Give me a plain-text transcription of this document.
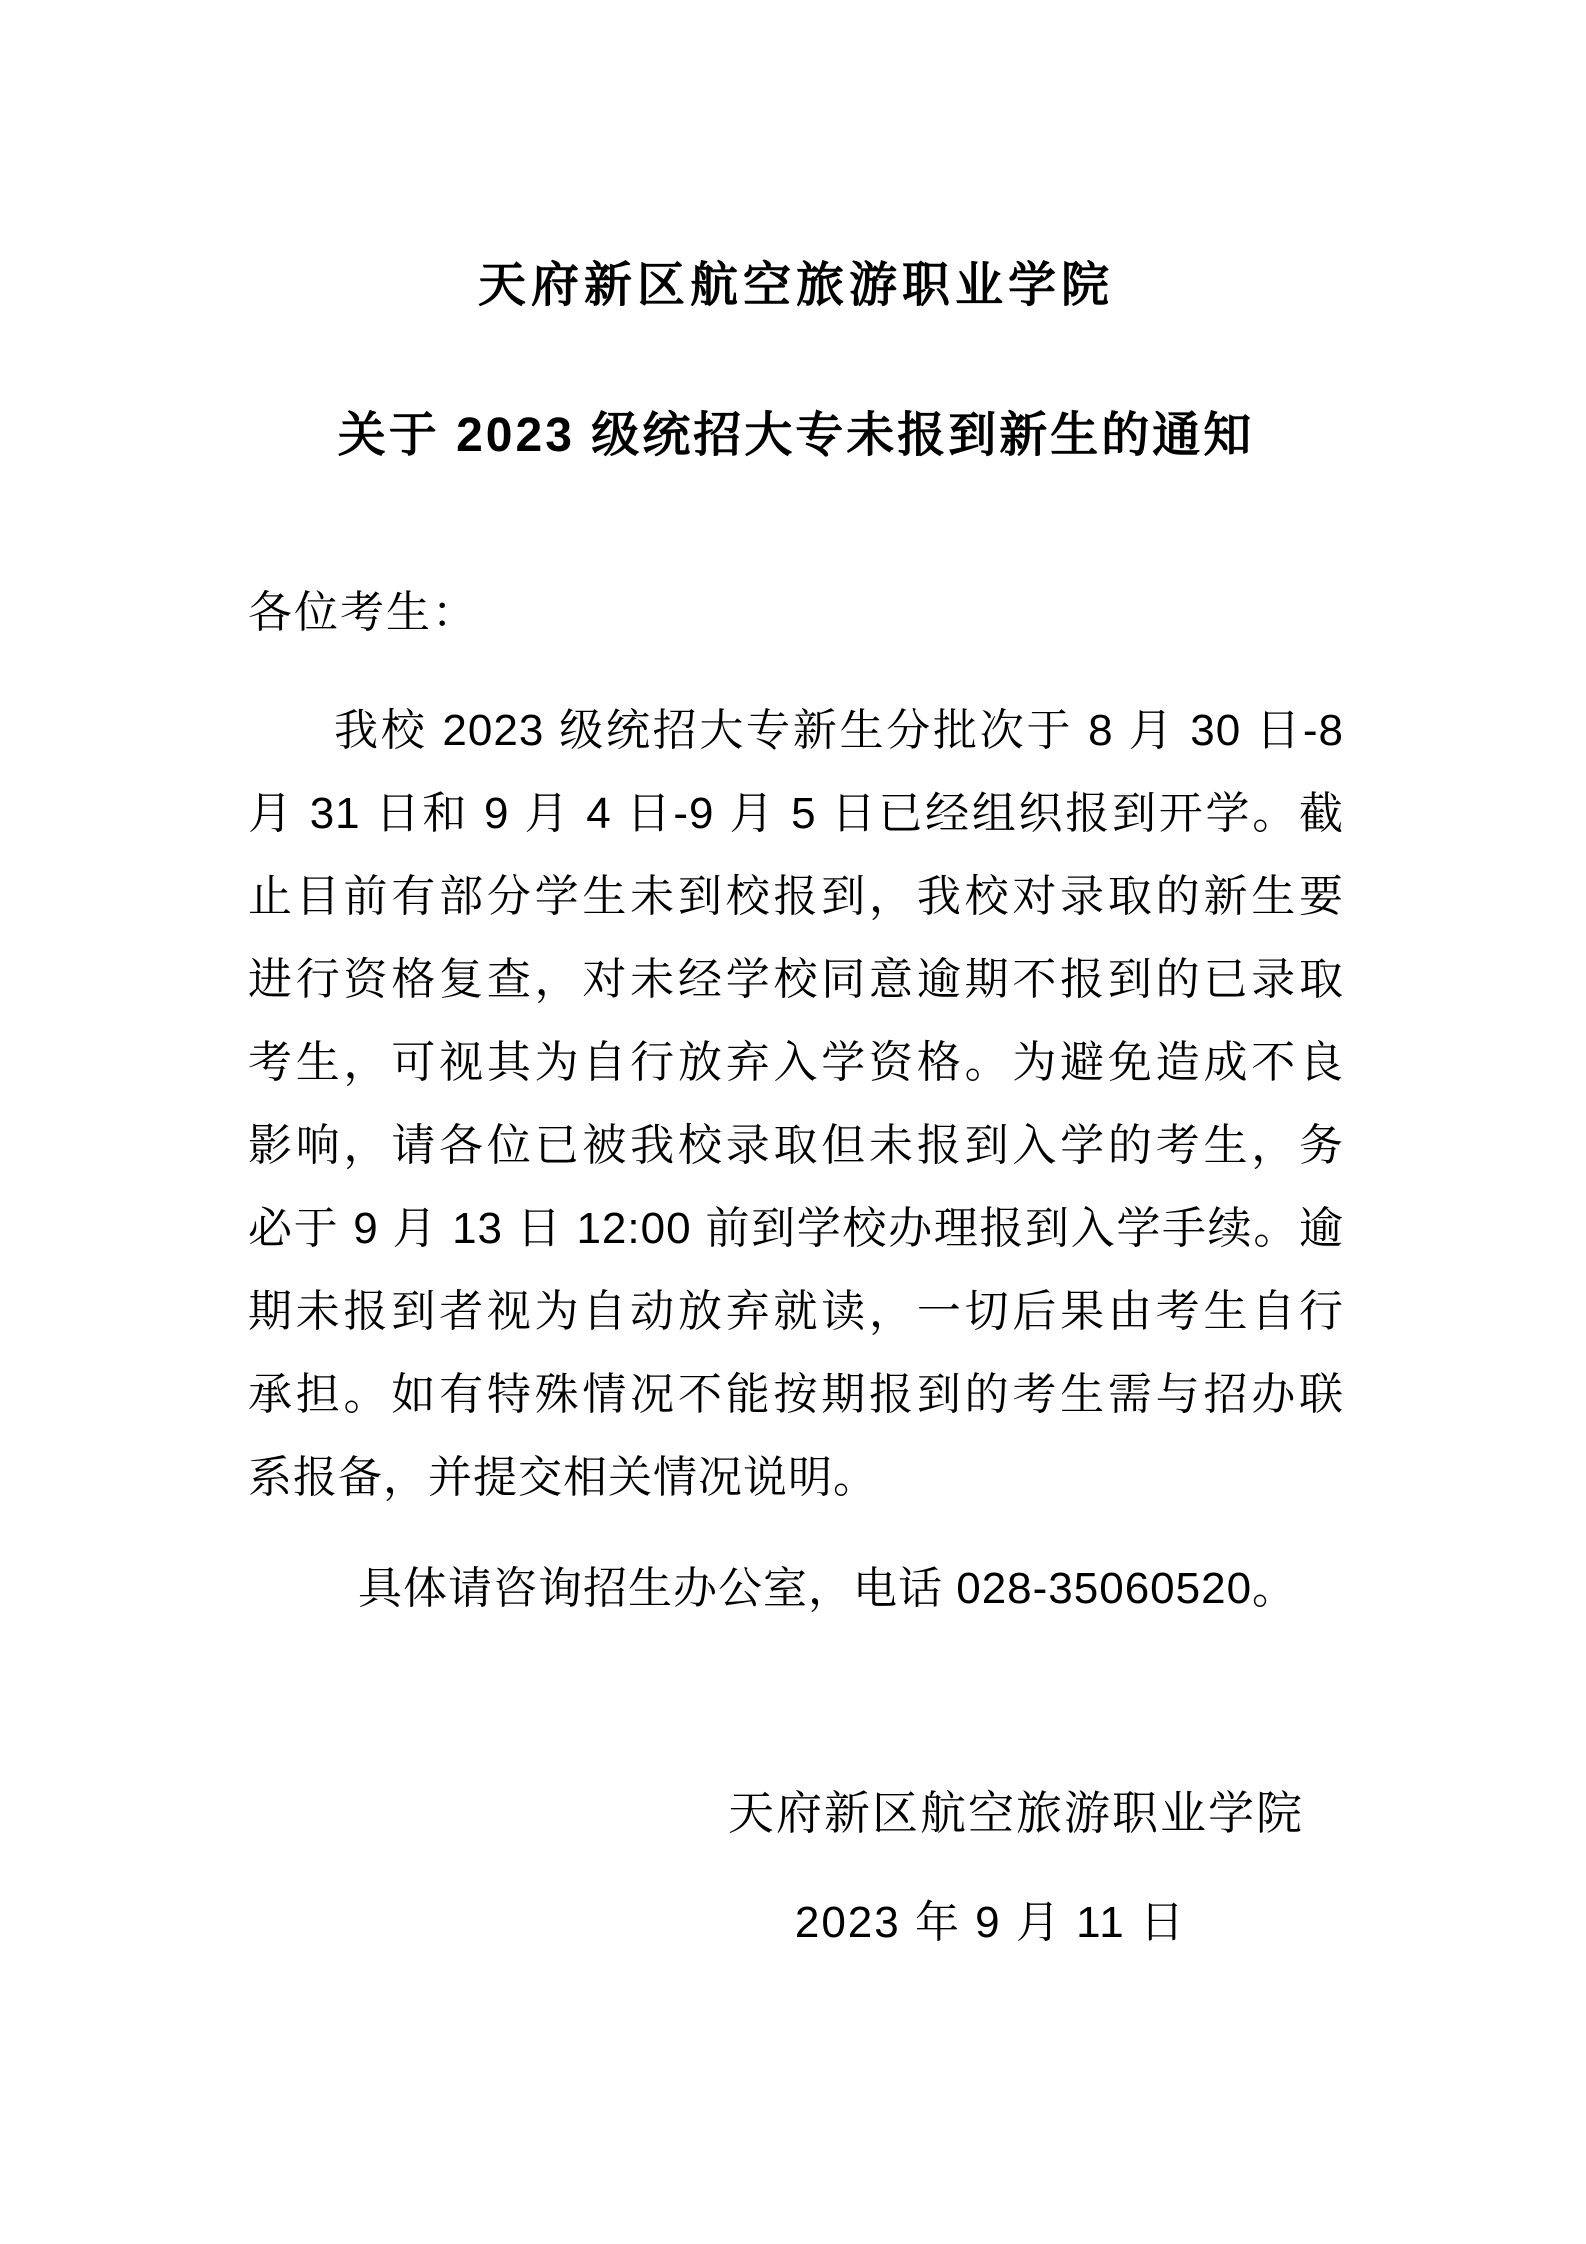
天府新区航空旅游职业学院
关于 2023 级统招大专未报到新生的通知
各位考生：
我校 2023 级统招大专新生分批次于 8 月 30 日-8
月 31 日和 9 月 4 日-9 月 5 日已经组织报到开学。截
止目前有部分学生未到校报到，我校对录取的新生要
进行资格复查，对未经学校同意逾期不报到的已录取
考生，可视其为自行放弃入学资格。为避免造成不良
影响，请各位已被我校录取但未报到入学的考生，务
必于 9 月 13 日 12:00 前到学校办理报到入学手续。逾
期未报到者视为自动放弃就读，一切后果由考生自行
承担。如有特殊情况不能按期报到的考生需与招办联
系报备，并提交相关情况说明。
具体请咨询招生办公室，电话 028-35060520。
天府新区航空旅游职业学院
2023 年 9 月 11 日
